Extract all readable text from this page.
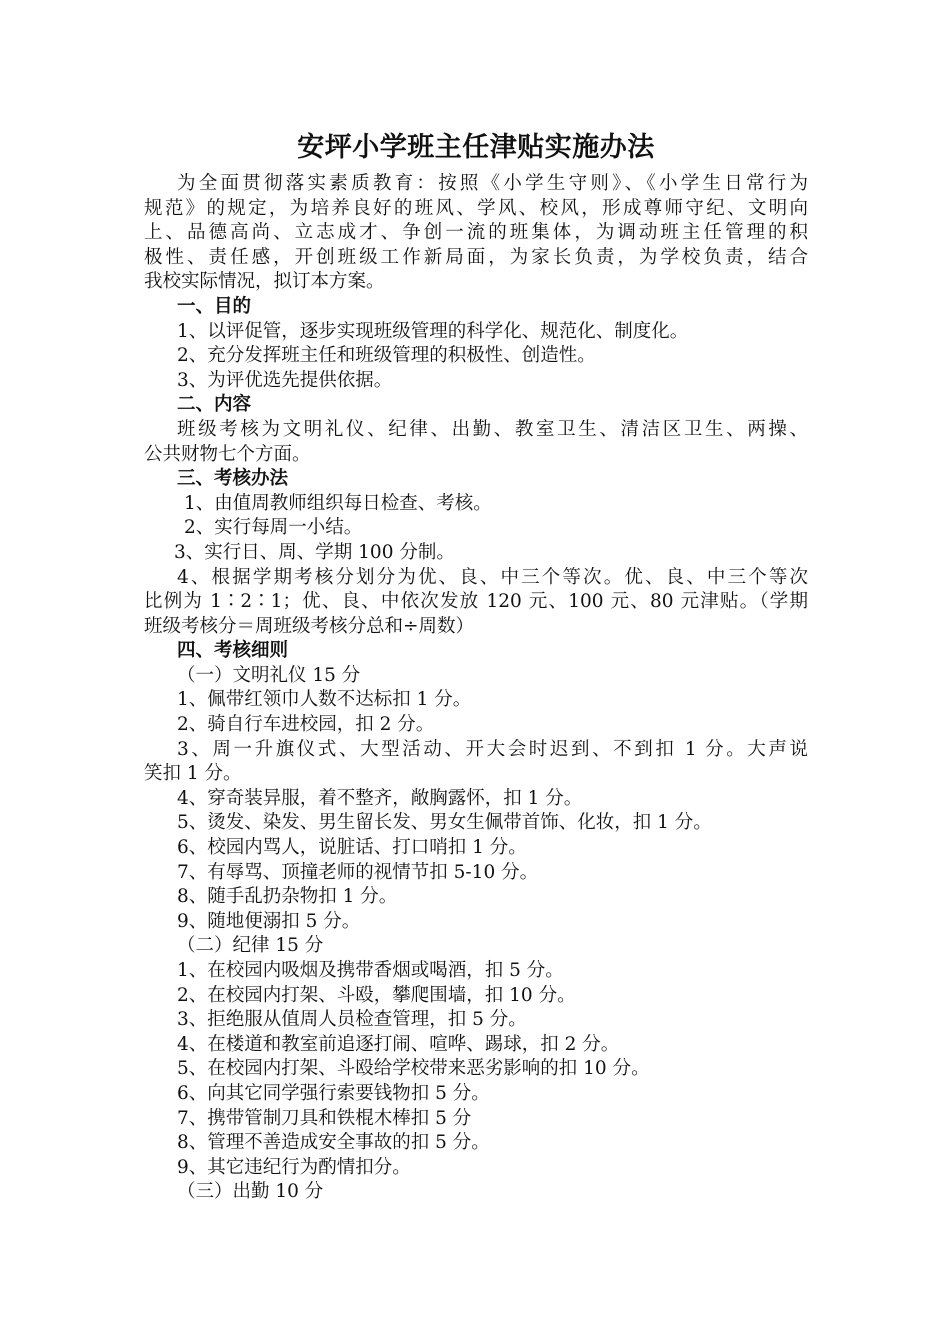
安坪小学班主任津贴实施办法
为全面贯彻落实素质教育：按照《小学生守则》、《小学生日常行为
规范》的规定，为培养良好的班风、学风、校风，形成尊师守纪、文明向
上、品德高尚、立志成才、争创一流的班集体，为调动班主任管理的积
极性、责任感，开创班级工作新局面，为家长负责，为学校负责，结合
我校实际情况，拟订本方案。
一、目的
1、以评促管，逐步实现班级管理的科学化、规范化、制度化。
2、充分发挥班主任和班级管理的积极性、创造性。
3、为评优选先提供依据。
二、内容
班级考核为文明礼仪、纪律、出勤、教室卫生、清洁区卫生、两操、
公共财物七个方面。
三、考核办法
1、由值周教师组织每日检查、考核。
2、实行每周一小结。
3、实行日、周、学期 100 分制。
4、根据学期考核分划分为优、良、中三个等次。优、良、中三个等次
比例为 1∶2∶1；优、良、中依次发放 120 元、100 元、80 元津贴。（学期
班级考核分＝周班级考核分总和÷周数）
四、考核细则
（一）文明礼仪 15 分
1、佩带红领巾人数不达标扣 1 分。
2、骑自行车进校园，扣 2 分。
3、周一升旗仪式、大型活动、开大会时迟到、不到扣 1 分。大声说
笑扣 1 分。
4、穿奇装异服，着不整齐，敞胸露怀，扣 1 分。
5、烫发、染发、男生留长发、男女生佩带首饰、化妆，扣 1 分。
6、校园内骂人，说脏话、打口哨扣 1 分。
7、有辱骂、顶撞老师的视情节扣 5-10 分。
8、随手乱扔杂物扣 1 分。
9、随地便溺扣 5 分。
（二）纪律 15 分
1、在校园内吸烟及携带香烟或喝酒，扣 5 分。
2、在校园内打架、斗殴，攀爬围墙，扣 10 分。
3、拒绝服从值周人员检查管理，扣 5 分。
4、在楼道和教室前追逐打闹、喧哗、踢球，扣 2 分。
5、在校园内打架、斗殴给学校带来恶劣影响的扣 10 分。
6、向其它同学强行索要钱物扣 5 分。
7、携带管制刀具和铁棍木棒扣 5 分
8、管理不善造成安全事故的扣 5 分。
9、其它违纪行为酌情扣分。
（三）出勤 10 分
